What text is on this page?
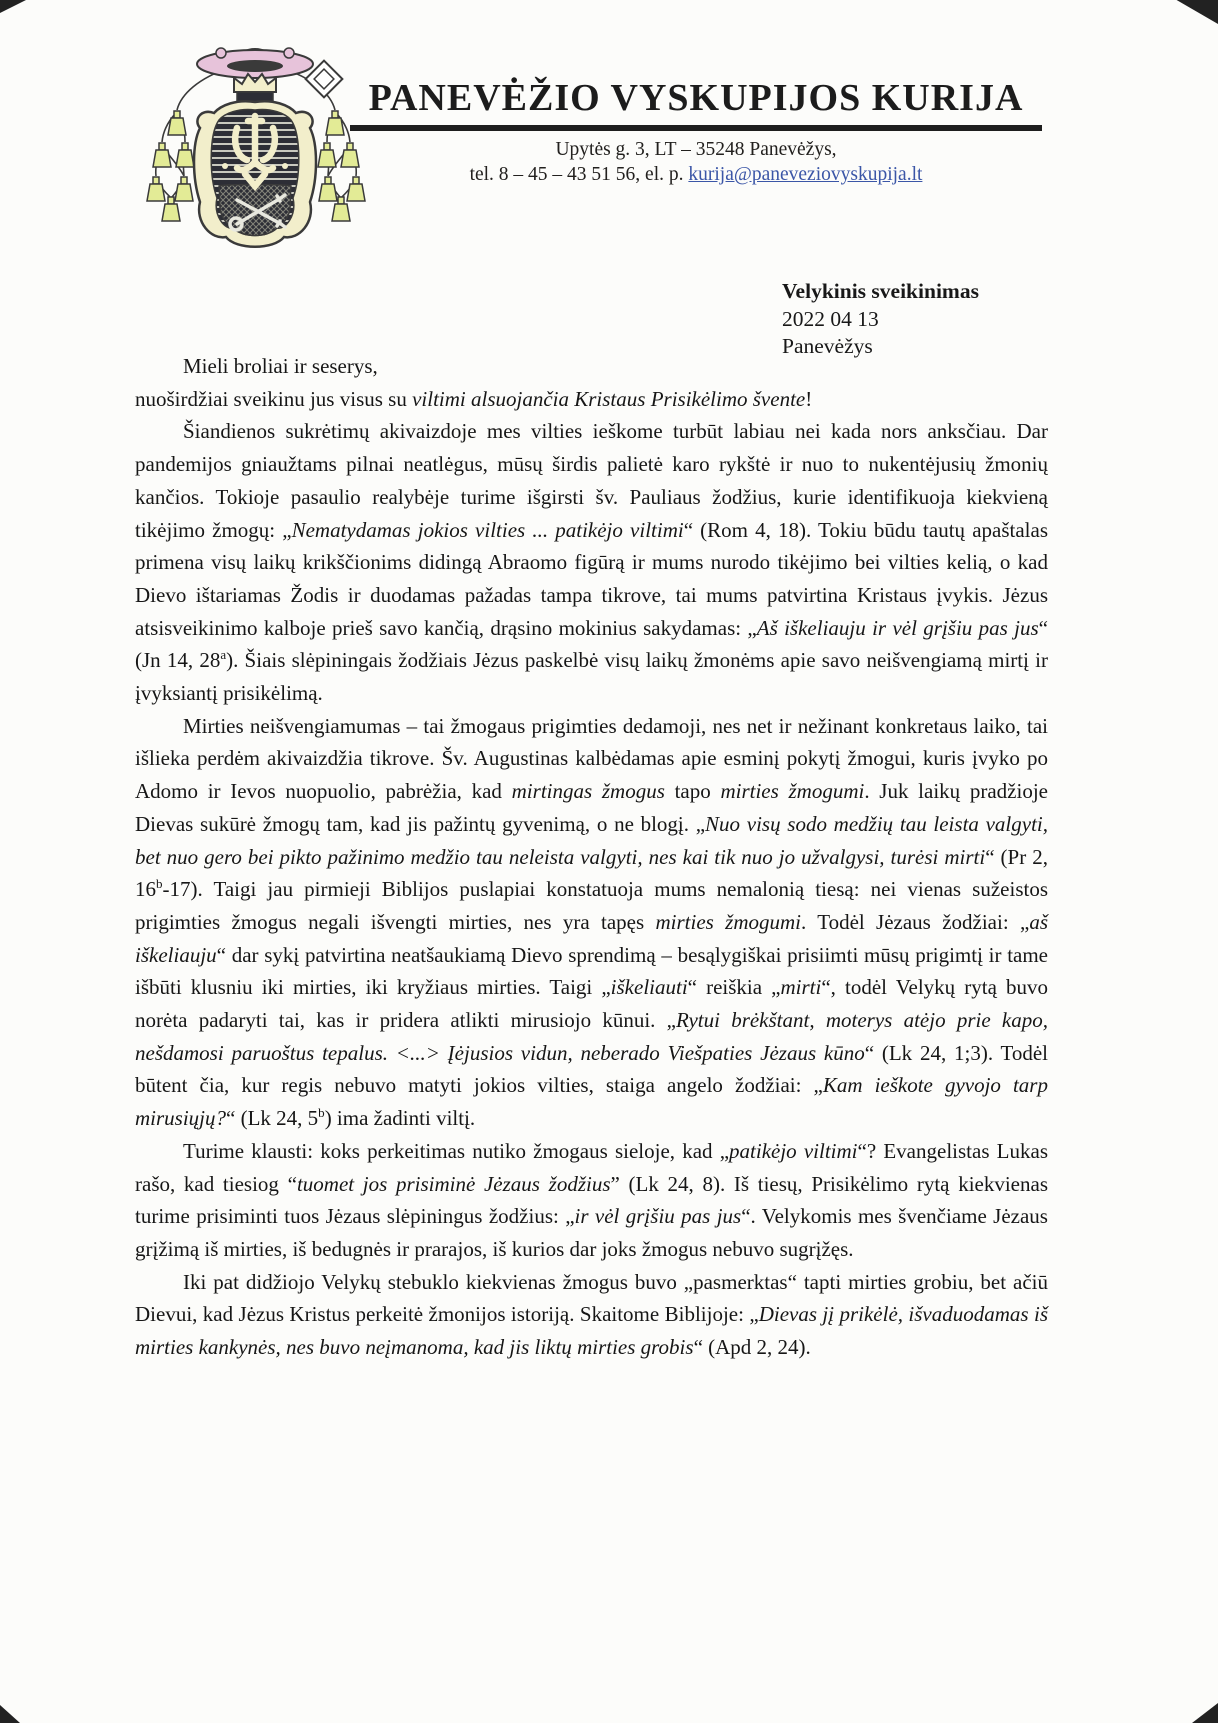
PANEVĖŽIO VYSKUPIJOS KURIJA
Upytės g. 3, LT – 35248 Panevėžys,
tel. 8 – 45 – 43 51 56, el. p. kurija@paneveziovyskupija.lt
Velykinis sveikinimas
2022 04 13
Panevėžys

Mieli broliai ir seserys,

nuoširdžiai sveikinu jus visus su viltimi alsuojančia Kristaus Prisikėlimo švente!

Šiandienos sukrėtimų akivaizdoje mes vilties ieškome turbūt labiau nei kada nors anksčiau. Dar pandemijos gniaužtams pilnai neatlėgus, mūsų širdis palietė karo rykštė ir nuo to nukentėjusių žmonių kančios. Tokioje pasaulio realybėje turime išgirsti šv. Pauliaus žodžius, kurie identifikuoja kiekvieną tikėjimo žmogų: „Nematydamas jokios vilties ... patikėjo viltimi“ (Rom 4, 18). Tokiu būdu tautų apaštalas primena visų laikų krikščionims didingą Abraomo figūrą ir mums nurodo tikėjimo bei vilties kelią, o kad Dievo ištariamas Žodis ir duodamas pažadas tampa tikrove, tai mums patvirtina Kristaus įvykis. Jėzus atsisveikinimo kalboje prieš savo kančią, drąsino mokinius sakydamas: „Aš iškeliauju ir vėl grįšiu pas jus“ (Jn 14, 28$^a$). Šiais slėpiningais žodžiais Jėzus paskelbė visų laikų žmonėms apie savo neišvengiamą mirtį ir įvyksiantį prisikėlimą.

Mirties neišvengiamumas – tai žmogaus prigimties dedamoji, nes net ir nežinant konkretaus laiko, tai išlieka perdėm akivaizdžia tikrove. Šv. Augustinas kalbėdamas apie esminį pokytį žmogui, kuris įvyko po Adomo ir Ievos nuopuolio, pabrėžia, kad mirtingas žmogus tapo mirties žmogumi. Juk laikų pradžioje Dievas sukūrė žmogų tam, kad jis pažintų gyvenimą, o ne blogį. „Nuo visų sodo medžių tau leista valgyti, bet nuo gero bei pikto pažinimo medžio tau neleista valgyti, nes kai tik nuo jo užvalgysi, turėsi mirti“ (Pr 2, 16$^b$-17). Taigi jau pirmieji Biblijos puslapiai konstatuoja mums nemalonią tiesą: nei vienas sužeistos prigimties žmogus negali išvengti mirties, nes yra tapęs mirties žmogumi. Todėl Jėzaus žodžiai: „aš iškeliauju“ dar sykį patvirtina neatšaukiamą Dievo sprendimą – besąlygiškai prisiimti mūsų prigimtį ir tame išbūti klusniu iki mirties, iki kryžiaus mirties. Taigi „iškeliauti“ reiškia „mirti“, todėl Velykų rytą buvo norėta padaryti tai, kas ir pridera atlikti mirusiojo kūnui. „Rytui brėkštant, moterys atėjo prie kapo, nešdamosi paruoštus tepalus. <...> Įėjusios vidun, neberado Viešpaties Jėzaus kūno“ (Lk 24, 1;3). Todėl būtent čia, kur regis nebuvo matyti jokios vilties, staiga angelo žodžiai: „Kam ieškote gyvojo tarp mirusiųjų?“ (Lk 24, 5$^b$) ima žadinti viltį.

Turime klausti: koks perkeitimas nutiko žmogaus sieloje, kad „patikėjo viltimi“? Evangelistas Lukas rašo, kad tiesiog “tuomet jos prisiminė Jėzaus žodžius” (Lk 24, 8). Iš tiesų, Prisikėlimo rytą kiekvienas turime prisiminti tuos Jėzaus slėpiningus žodžius: „ir vėl grįšiu pas jus“. Velykomis mes švenčiame Jėzaus grįžimą iš mirties, iš bedugnės ir prarajos, iš kurios dar joks žmogus nebuvo sugrįžęs.

Iki pat didžiojo Velykų stebuklo kiekvienas žmogus buvo „pasmerktas“ tapti mirties grobiu, bet ačiū Dievui, kad Jėzus Kristus perkeitė žmonijos istoriją. Skaitome Biblijoje: „Dievas jį prikėlė, išvaduodamas iš mirties kankynės, nes buvo neįmanoma, kad jis liktų mirties grobis“ (Apd 2, 24).
